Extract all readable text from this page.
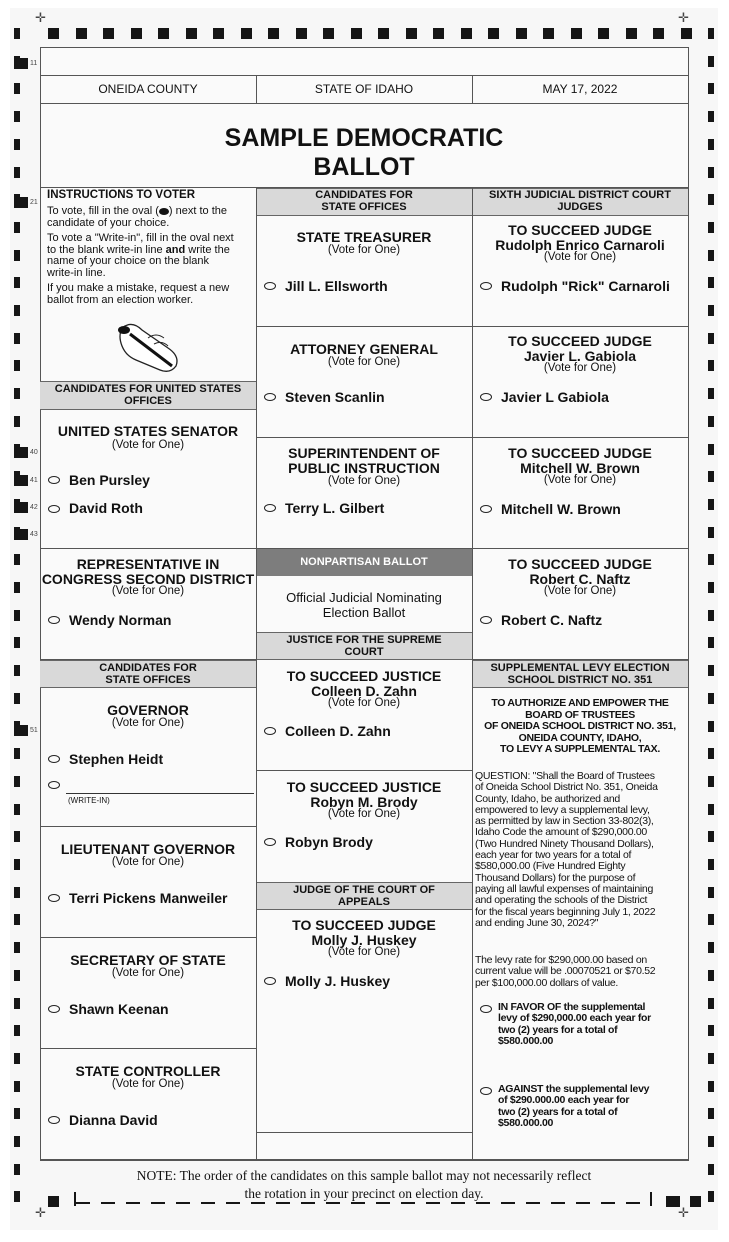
✛	✛
✛	✛
11
21
40
41
42
43
51
ONEIDA COUNTY	STATE OF IDAHO	MAY 17, 2022
SAMPLE DEMOCRATIC
BALLOT
INSTRUCTIONS TO VOTER
To vote, fill in the oval ( ) next to the
candidate of your choice.
To vote a "Write-in", fill in the oval next
to the blank write-in line and write the
name of your choice on the blank
write-in line.
If you make a mistake, request a new
ballot from an election worker.
CANDIDATES FOR UNITED STATES
OFFICES
UNITED STATES SENATOR
(Vote for One)
Ben Pursley
David Roth
REPRESENTATIVE IN
CONGRESS SECOND DISTRICT
(Vote for One)
Wendy Norman
CANDIDATES FOR
STATE OFFICES
GOVERNOR
(Vote for One)
Stephen Heidt
(WRITE-IN)
LIEUTENANT GOVERNOR
(Vote for One)
Terri Pickens Manweiler
SECRETARY OF STATE
(Vote for One)
Shawn Keenan
STATE CONTROLLER
(Vote for One)
Dianna David
CANDIDATES FOR
STATE OFFICES
STATE TREASURER
(Vote for One)
Jill L. Ellsworth
ATTORNEY GENERAL
(Vote for One)
Steven Scanlin
SUPERINTENDENT OF
PUBLIC INSTRUCTION
(Vote for One)
Terry L. Gilbert
NONPARTISAN BALLOT
Official Judicial Nominating
Election Ballot
JUSTICE FOR THE SUPREME
COURT
TO SUCCEED JUSTICE
Colleen D. Zahn
(Vote for One)
Colleen D. Zahn
TO SUCCEED JUSTICE
Robyn M. Brody
(Vote for One)
Robyn Brody
JUDGE OF THE COURT OF
APPEALS
TO SUCCEED JUDGE
Molly J. Huskey
(Vote for One)
Molly J. Huskey
SIXTH JUDICIAL DISTRICT COURT
JUDGES
TO SUCCEED JUDGE
Rudolph Enrico Carnaroli
(Vote for One)
Rudolph "Rick" Carnaroli
TO SUCCEED JUDGE
Javier L. Gabiola
(Vote for One)
Javier L Gabiola
TO SUCCEED JUDGE
Mitchell W. Brown
(Vote for One)
Mitchell W. Brown
TO SUCCEED JUDGE
Robert C. Naftz
(Vote for One)
Robert C. Naftz
SUPPLEMENTAL LEVY ELECTION
SCHOOL DISTRICT NO. 351
TO AUTHORIZE AND EMPOWER THE
BOARD OF TRUSTEES
OF ONEIDA SCHOOL DISTRICT NO. 351,
ONEIDA COUNTY, IDAHO,
TO LEVY A SUPPLEMENTAL TAX.
QUESTION: "Shall the Board of Trustees
of Oneida School District No. 351, Oneida
County, Idaho, be authorized and
empowered to levy a supplemental levy,
as permitted by law in Section 33-802(3),
Idaho Code the amount of $290,000.00
(Two Hundred Ninety Thousand Dollars),
each year for two years for a total of
$580,000.00 (Five Hundred Eighty
Thousand Dollars) for the purpose of
paying all lawful expenses of maintaining
and operating the schools of the District
for the fiscal years beginning July 1, 2022
and ending June 30, 2024?"
The levy rate for $290,000.00 based on
current value will be .00070521 or $70.52
per $100,000.00 dollars of value.
IN FAVOR OF the supplemental
levy of $290,000.00 each year for
two (2) years for a total of
$580.000.00
AGAINST the supplemental levy
of $290.000.00 each year for
two (2) years for a total of
$580.000.00
NOTE: The order of the candidates on this sample ballot may not necessarily reflect
the rotation in your precinct on election day.
